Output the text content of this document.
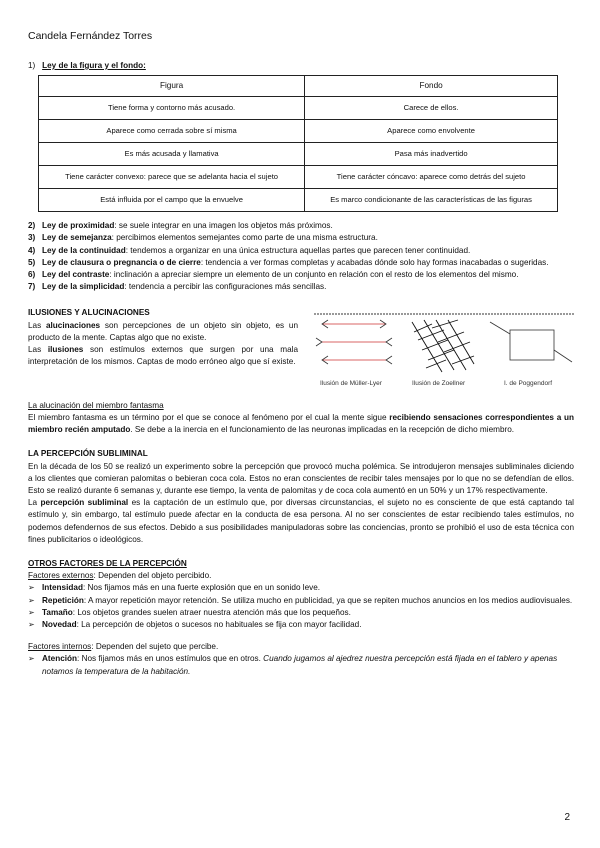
Candela Fernández Torres
1) Ley de la figura y el fondo:
Figura	Fondo
Tiene forma y contorno más acusado.	Carece de ellos.
Aparece como cerrada sobre sí misma	Aparece como envolvente
Es más acusada y llamativa	Pasa más inadvertido
Tiene carácter convexo: parece que se adelanta hacia el sujeto	Tiene carácter cóncavo: aparece como detrás del sujeto
Está influida por el campo que la envuelve	Es marco condicionante de las características de las figuras
2) Ley de proximidad: se suele integrar en una imagen los objetos más próximos.
3) Ley de semejanza: percibimos elementos semejantes como parte de una misma estructura.
4) Ley de la continuidad: tendemos a organizar en una única estructura aquellas partes que parecen tener continuidad.
5) Ley de clausura o pregnancia o de cierre: tendencia a ver formas completas y acabadas dónde solo hay formas inacabadas o sugeridas.
6) Ley del contraste: inclinación a apreciar siempre un elemento de un conjunto en relación con el resto de los elementos del mismo.
7) Ley de la simplicidad: tendencia a percibir las configuraciones más sencillas.
ILUSIONES Y ALUCINACIONES

Las alucinaciones son percepciones de un objeto sin objeto, es un producto de la mente. Captas algo que no existe.

Las ilusiones son estímulos externos que surgen por una mala interpretación de los mismos. Captas de modo erróneo algo que sí existe.

Ilusión de Müller-Lyer	Ilusión de Zoellner	I. de Poggendorf
La alucinación del miembro fantasma

El miembro fantasma es un término por el que se conoce al fenómeno por el cual la mente sigue recibiendo sensaciones correspondientes a un miembro recién amputado. Se debe a la inercia en el funcionamiento de las neuronas implicadas en la recepción de dicho miembro.

LA PERCEPCIÓN SUBLIMINAL

En la década de los 50 se realizó un experimento sobre la percepción que provocó mucha polémica. Se introdujeron mensajes subliminales diciendo a los clientes que comieran palomitas o bebieran coca cola. Estos no eran conscientes de recibir tales mensajes por lo que no se defendían de ellos. Esto se realizó durante 6 semanas y, durante ese tiempo, la venta de palomitas y de coca cola aumentó en un 50% y un 17% respectivamente.

La percepción subliminal es la captación de un estímulo que, por diversas circunstancias, el sujeto no es consciente de que está captando tal estímulo y, sin embargo, tal estímulo puede afectar en la conducta de esa persona. Al no ser conscientes de estar recibiendo tales estímulos, no podemos defendernos de sus efectos. Debido a sus posibilidades manipuladoras sobre las conciencias, pronto se prohibió el uso de esta técnica con fines publicitarios o ideológicos.

OTROS FACTORES DE LA PERCEPCIÓN
Factores externos: Dependen del objeto percibido.
➢ Intensidad: Nos fijamos más en una fuerte explosión que en un sonido leve.
➢ Repetición: A mayor repetición mayor retención. Se utiliza mucho en publicidad, ya que se repiten muchos anuncios en los medios audiovisuales.
➢ Tamaño: Los objetos grandes suelen atraer nuestra atención más que los pequeños.
➢ Novedad: La percepción de objetos o sucesos no habituales se fija con mayor facilidad.
Factores internos: Dependen del sujeto que percibe.
➢ Atención: Nos fijamos más en unos estímulos que en otros. Cuando jugamos al ajedrez nuestra percepción está fijada en el tablero y apenas notamos la temperatura de la habitación.
2
